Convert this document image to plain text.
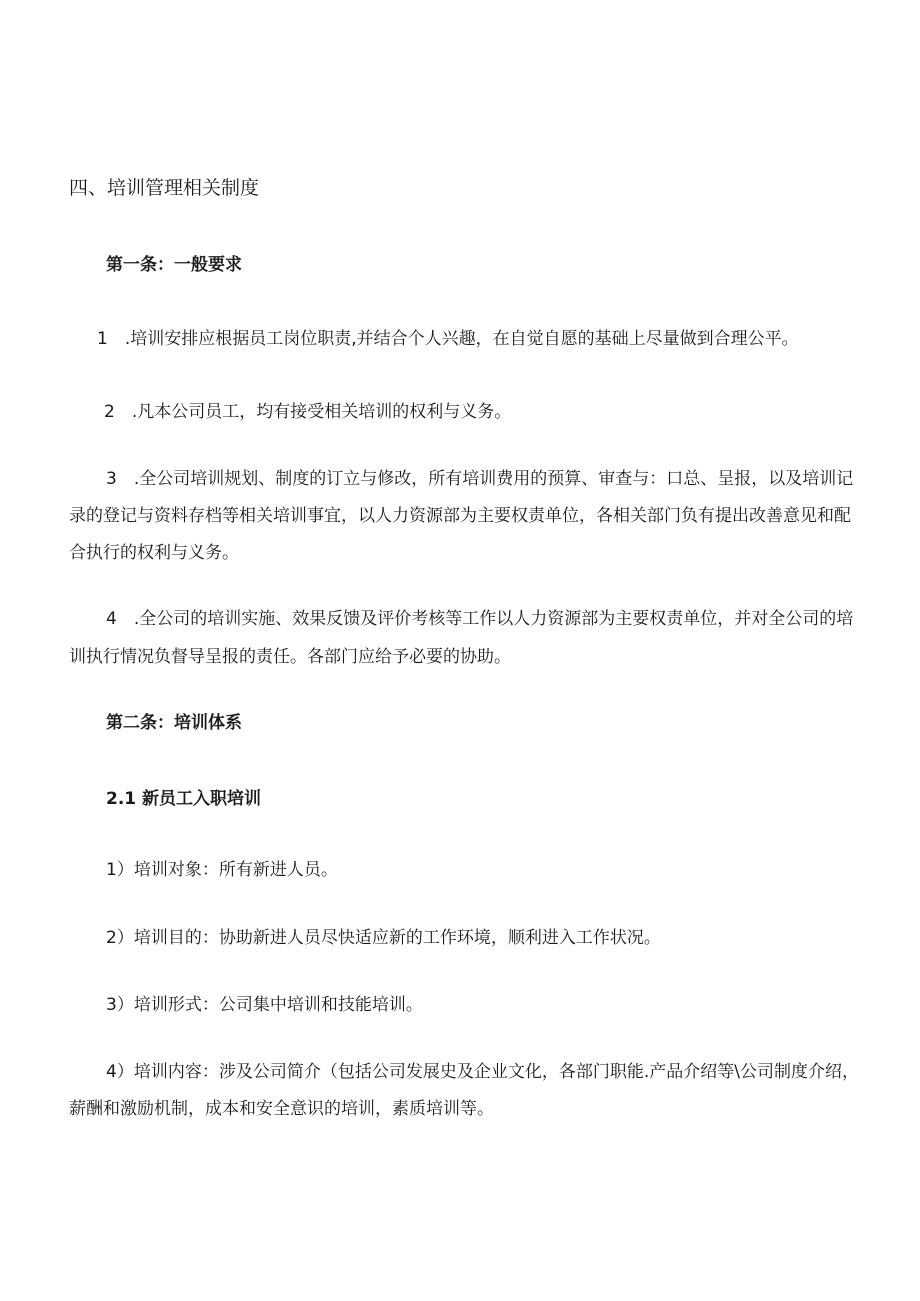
四、培训管理相关制度
第一条：一般要求
1　.培训安排应根据员工岗位职责,并结合个人兴趣，在自觉自愿的基础上尽量做到合理公平。
2　.凡本公司员工，均有接受相关培训的权利与义务。
3　.全公司培训规划、制度的订立与修改，所有培训费用的预算、审查与：口总、呈报，以及培训记
录的登记与资料存档等相关培训事宜，以人力资源部为主要权责单位，各相关部门负有提出改善意见和配
合执行的权利与义务。
4　.全公司的培训实施、效果反馈及评价考核等工作以人力资源部为主要权责单位，并对全公司的培
训执行情况负督导呈报的责任。各部门应给予必要的协助。
第二条：培训体系
2.1 新员工入职培训
1）培训对象：所有新进人员。
2）培训目的：协助新进人员尽快适应新的工作环境，顺利进入工作状况。
3）培训形式：公司集中培训和技能培训。
4）培训内容：涉及公司简介（包括公司发展史及企业文化，各部门职能.产品介绍等\公司制度介绍，
薪酬和激励机制，成本和安全意识的培训，素质培训等。
